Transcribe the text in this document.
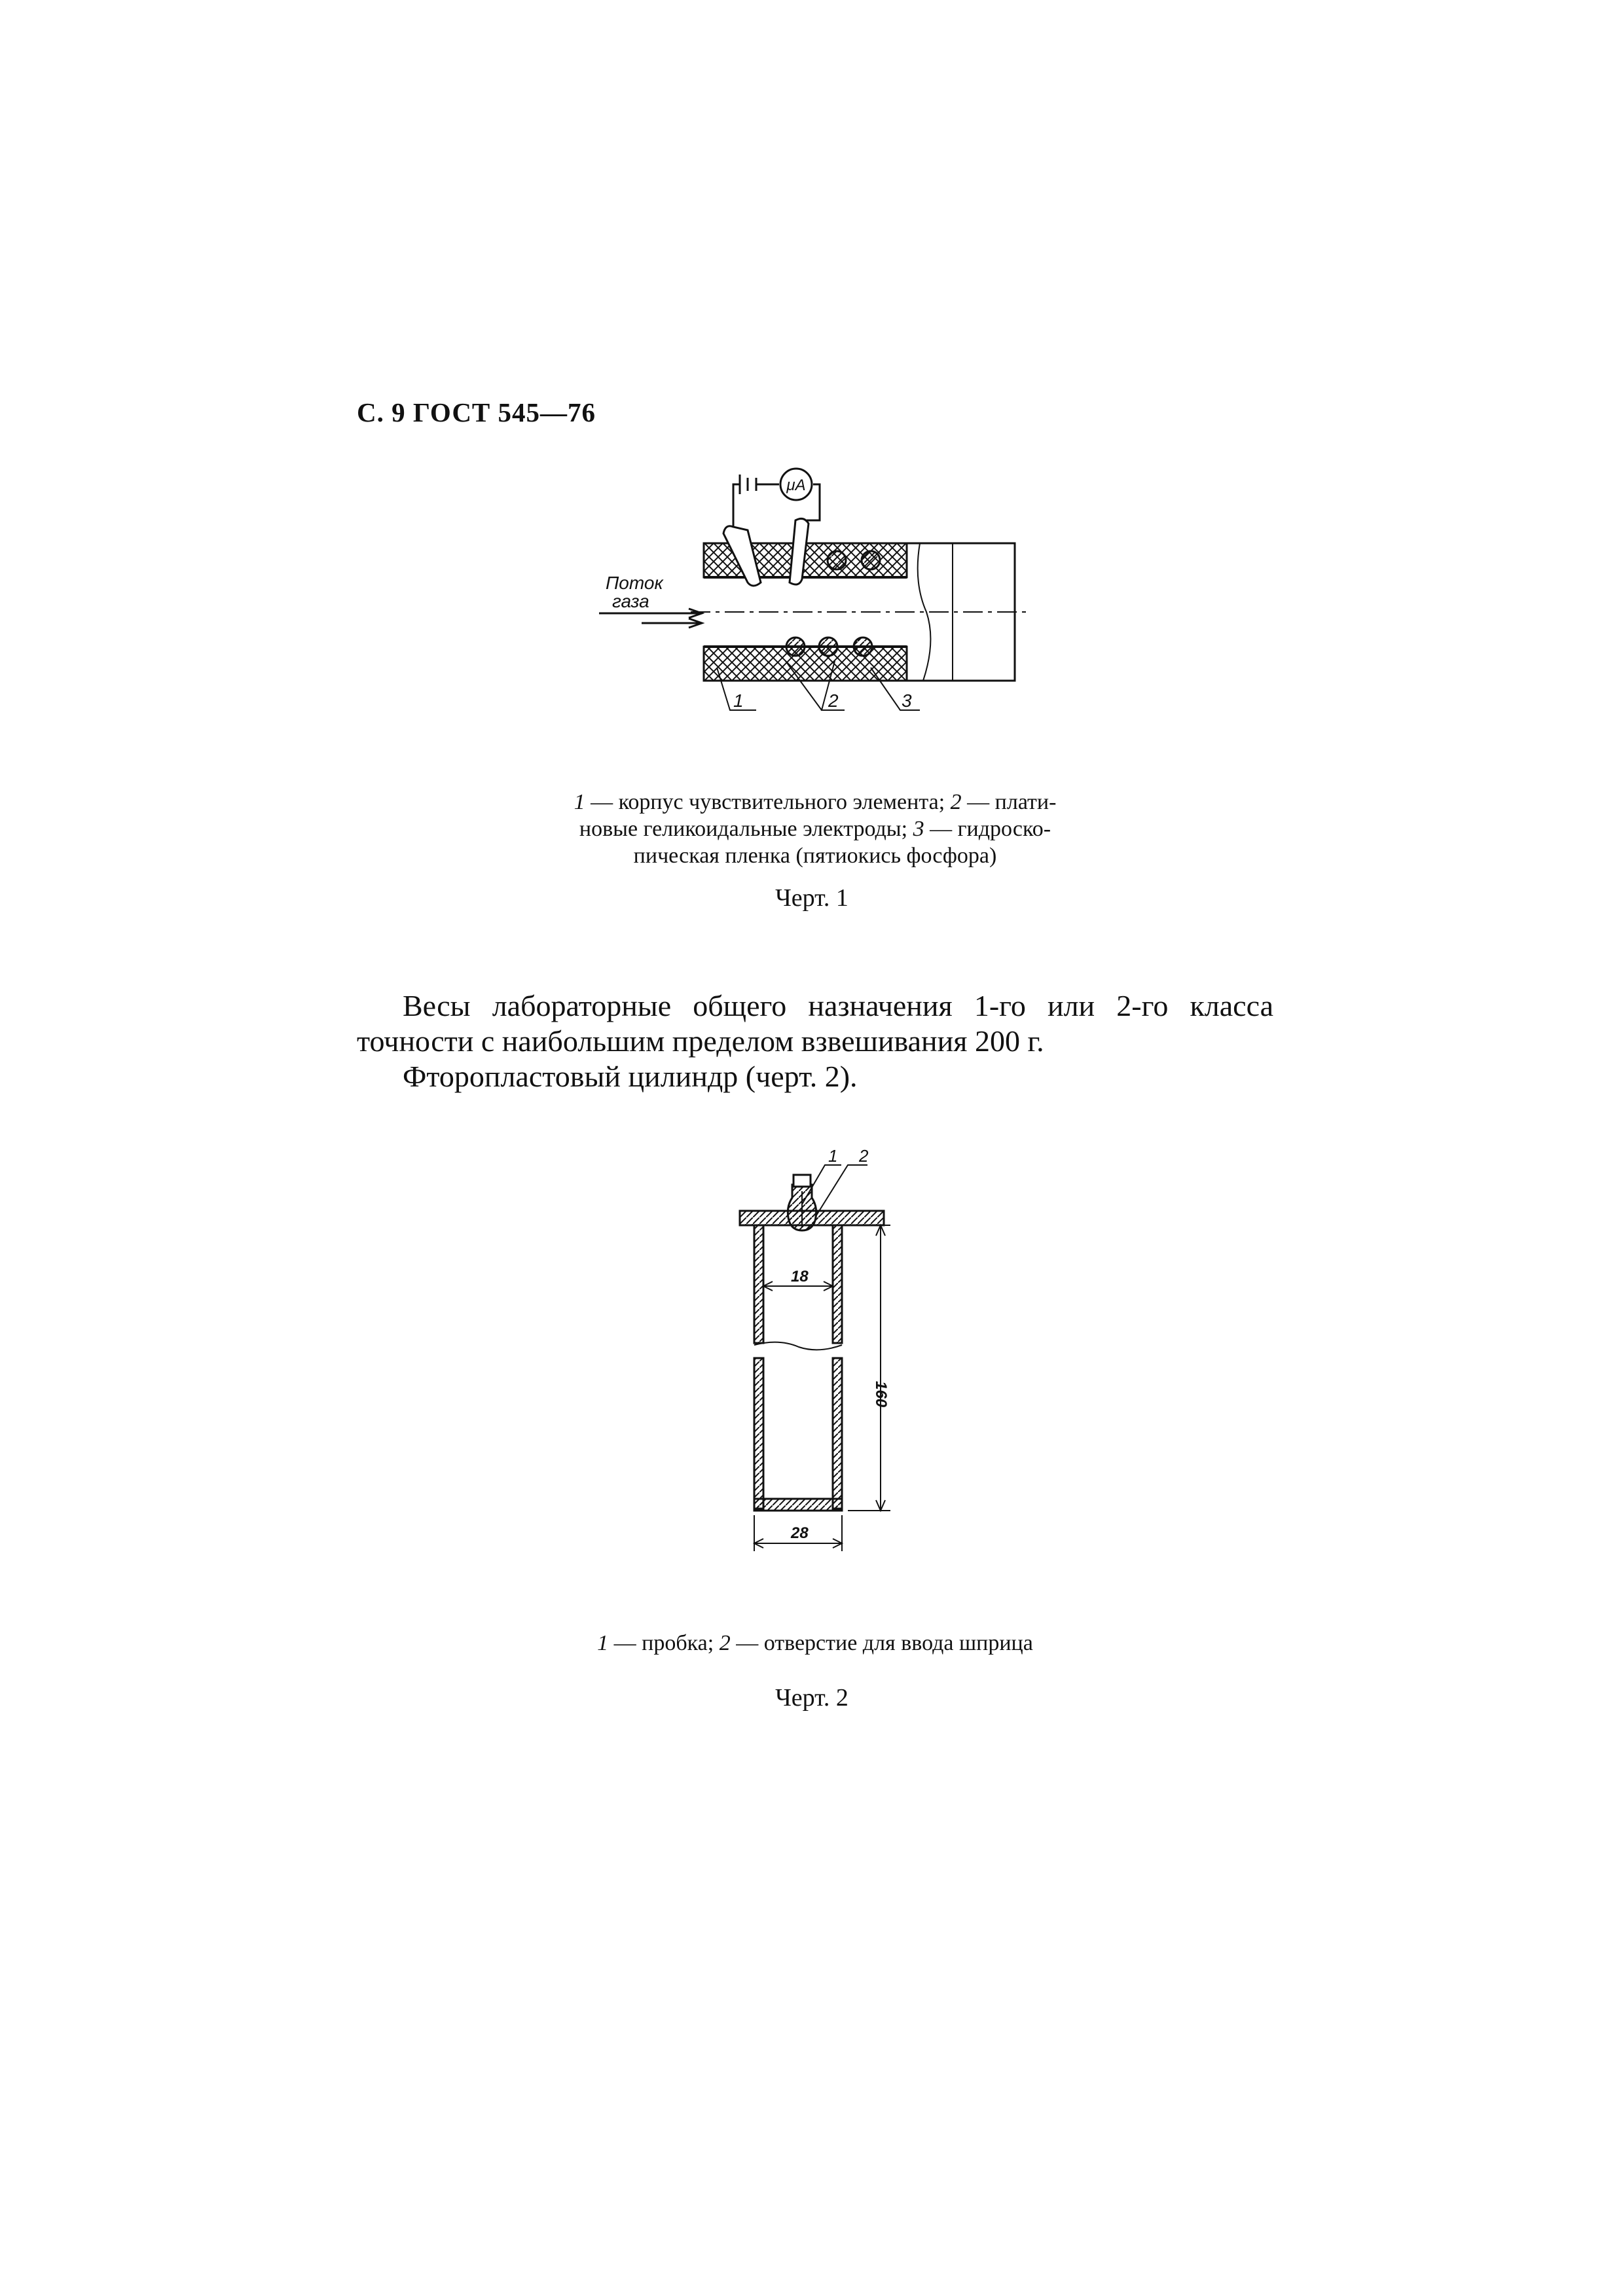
С. 9 ГОСТ 545—76
μA
Поток
газа
1	2	3
1 — корпус чувствительного элемента; 2 — плати-
новые геликоидальные электроды; 3 — гидроско-
пическая пленка (пятиокись фосфора)
Черт. 1

Весы лабораторные общего назначения 1-го или 2-го класса точности с наибольшим пределом взвешивания 200 г.

Фторопластовый цилиндр (черт. 2).

18
160
28
1 2
1 — пробка; 2 — отверстие для ввода шприца
Черт. 2
